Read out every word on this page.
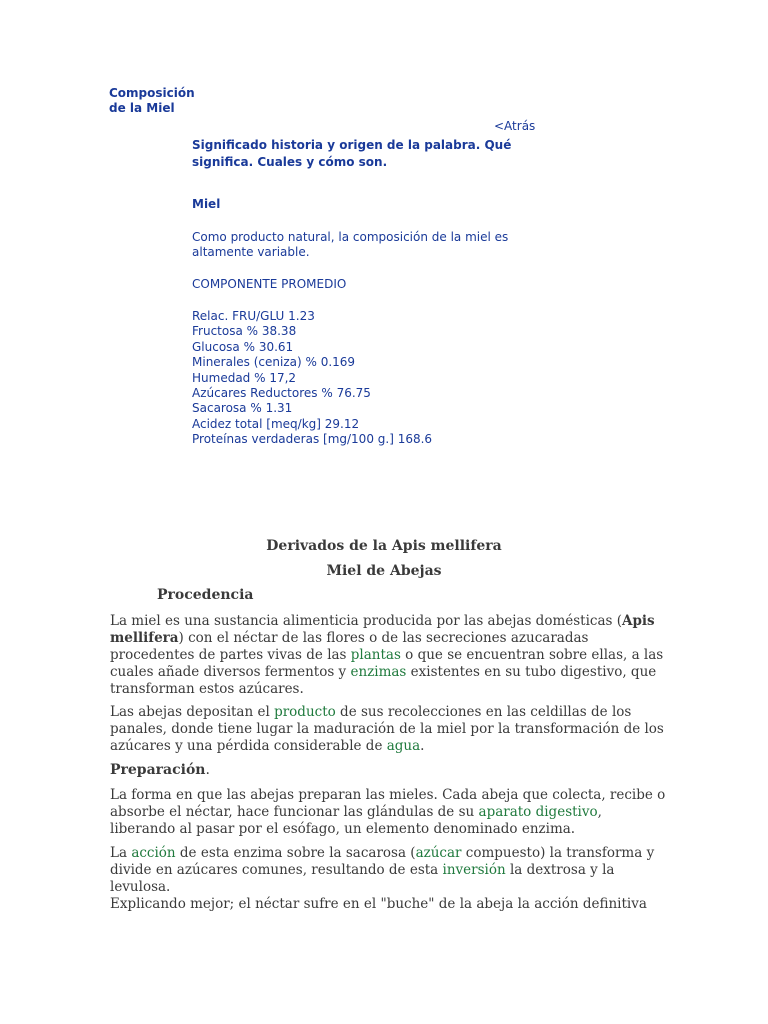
Composición
de la Miel
<Atrás
Significado historia y origen de la palabra. Qué
significa. Cuales y cómo son.
Miel
Como producto natural, la composición de la miel es
altamente variable.
COMPONENTE PROMEDIO
Relac. FRU/GLU 1.23
Fructosa % 38.38
Glucosa % 30.61
Minerales (ceniza) % 0.169
Humedad % 17,2
Azúcares Reductores % 76.75
Sacarosa % 1.31
Acidez total [meq/kg] 29.12
Proteínas verdaderas [mg/100 g.] 168.6
Derivados de la Apis mellifera
Miel de Abejas
Procedencia
La miel es una sustancia alimenticia producida por las abejas domésticas (Apis
mellifera) con el néctar de las flores o de las secreciones azucaradas
procedentes de partes vivas de las plantas o que se encuentran sobre ellas, a las
cuales añade diversos fermentos y enzimas existentes en su tubo digestivo, que
transforman estos azúcares.
Las abejas depositan el producto de sus recolecciones en las celdillas de los
panales, donde tiene lugar la maduración de la miel por la transformación de los
azúcares y una pérdida considerable de agua.
Preparación.
La forma en que las abejas preparan las mieles. Cada abeja que colecta, recibe o
absorbe el néctar, hace funcionar las glándulas de su aparato digestivo,
liberando al pasar por el esófago, un elemento denominado enzima.
La acción de esta enzima sobre la sacarosa (azúcar compuesto) la transforma y
divide en azúcares comunes, resultando de esta inversión la dextrosa y la
levulosa.
Explicando mejor; el néctar sufre en el "buche" de la abeja la acción definitiva
